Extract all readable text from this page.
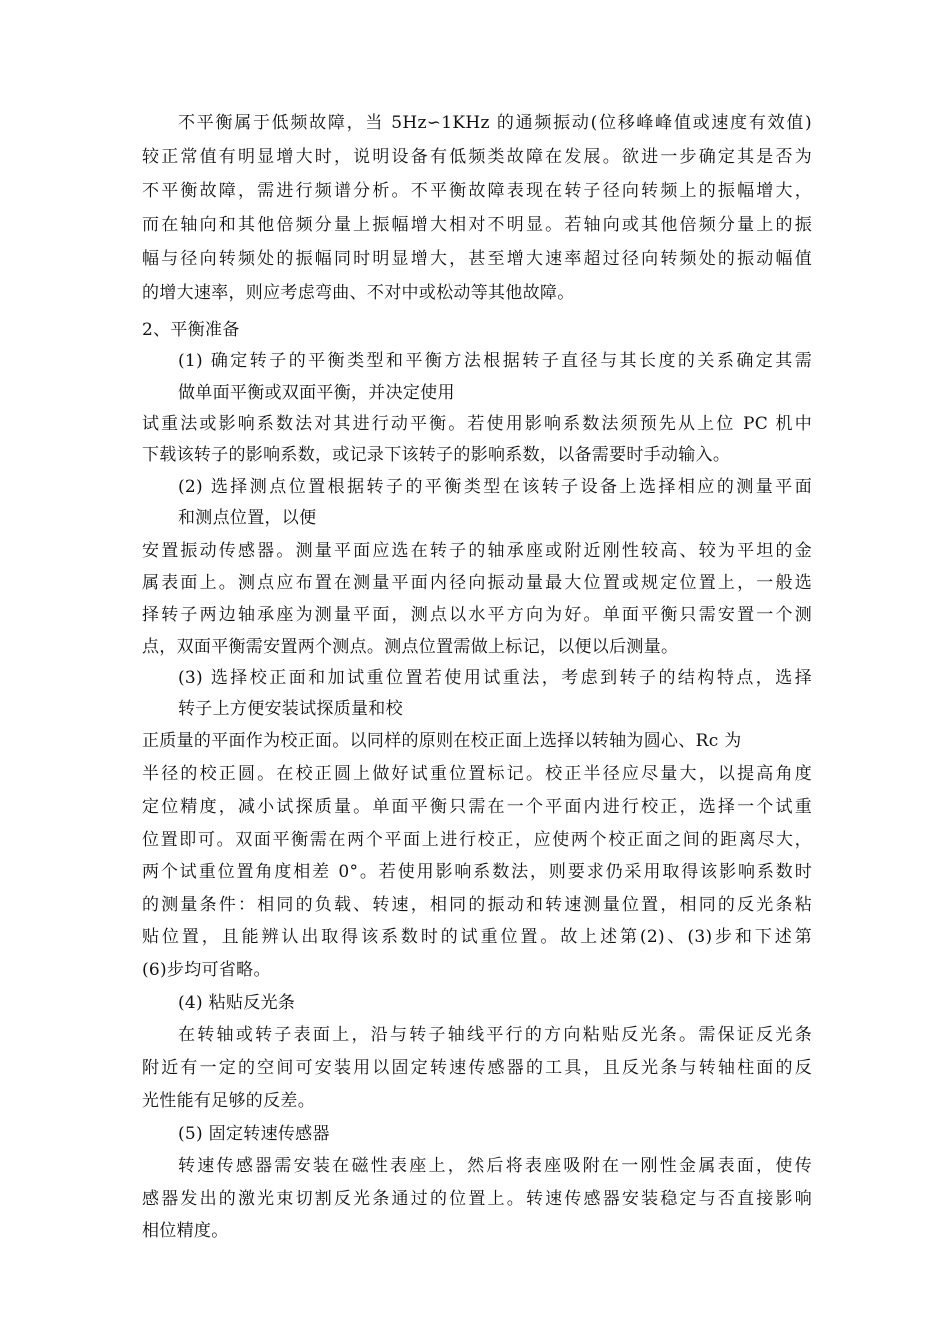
不平衡属于低频故障，当 5Hz∽1KHz 的通频振动(位移峰峰值或速度有效值)
较正常值有明显增大时，说明设备有低频类故障在发展。欲进一步确定其是否为
不平衡故障，需进行频谱分析。不平衡故障表现在转子径向转频上的振幅增大，
而在轴向和其他倍频分量上振幅增大相对不明显。若轴向或其他倍频分量上的振
幅与径向转频处的振幅同时明显增大，甚至增大速率超过径向转频处的振动幅值
的增大速率，则应考虑弯曲、不对中或松动等其他故障。
2、平衡准备
(1) 确定转子的平衡类型和平衡方法根据转子直径与其长度的关系确定其需
做单面平衡或双面平衡，并决定使用
试重法或影响系数法对其进行动平衡。若使用影响系数法须预先从上位 PC 机中
下载该转子的影响系数，或记录下该转子的影响系数，以备需要时手动输入。
(2) 选择测点位置根据转子的平衡类型在该转子设备上选择相应的测量平面
和测点位置，以便
安置振动传感器。测量平面应选在转子的轴承座或附近刚性较高、较为平坦的金
属表面上。测点应布置在测量平面内径向振动量最大位置或规定位置上，一般选
择转子两边轴承座为测量平面，测点以水平方向为好。单面平衡只需安置一个测
点，双面平衡需安置两个测点。测点位置需做上标记，以便以后测量。
(3) 选择校正面和加试重位置若使用试重法，考虑到转子的结构特点，选择
转子上方便安装试探质量和校
正质量的平面作为校正面。以同样的原则在校正面上选择以转轴为圆心、Rc 为
半径的校正圆。在校正圆上做好试重位置标记。校正半径应尽量大，以提高角度
定位精度，减小试探质量。单面平衡只需在一个平面内进行校正，选择一个试重
位置即可。双面平衡需在两个平面上进行校正，应使两个校正面之间的距离尽大，
两个试重位置角度相差 0°。若使用影响系数法，则要求仍采用取得该影响系数时
的测量条件：相同的负载、转速，相同的振动和转速测量位置，相同的反光条粘
贴位置，且能辨认出取得该系数时的试重位置。故上述第(2)、(3)步和下述第
(6)步均可省略。
(4) 粘贴反光条
在转轴或转子表面上，沿与转子轴线平行的方向粘贴反光条。需保证反光条
附近有一定的空间可安装用以固定转速传感器的工具，且反光条与转轴柱面的反
光性能有足够的反差。
(5) 固定转速传感器
转速传感器需安装在磁性表座上，然后将表座吸附在一刚性金属表面，使传
感器发出的激光束切割反光条通过的位置上。转速传感器安装稳定与否直接影响
相位精度。
